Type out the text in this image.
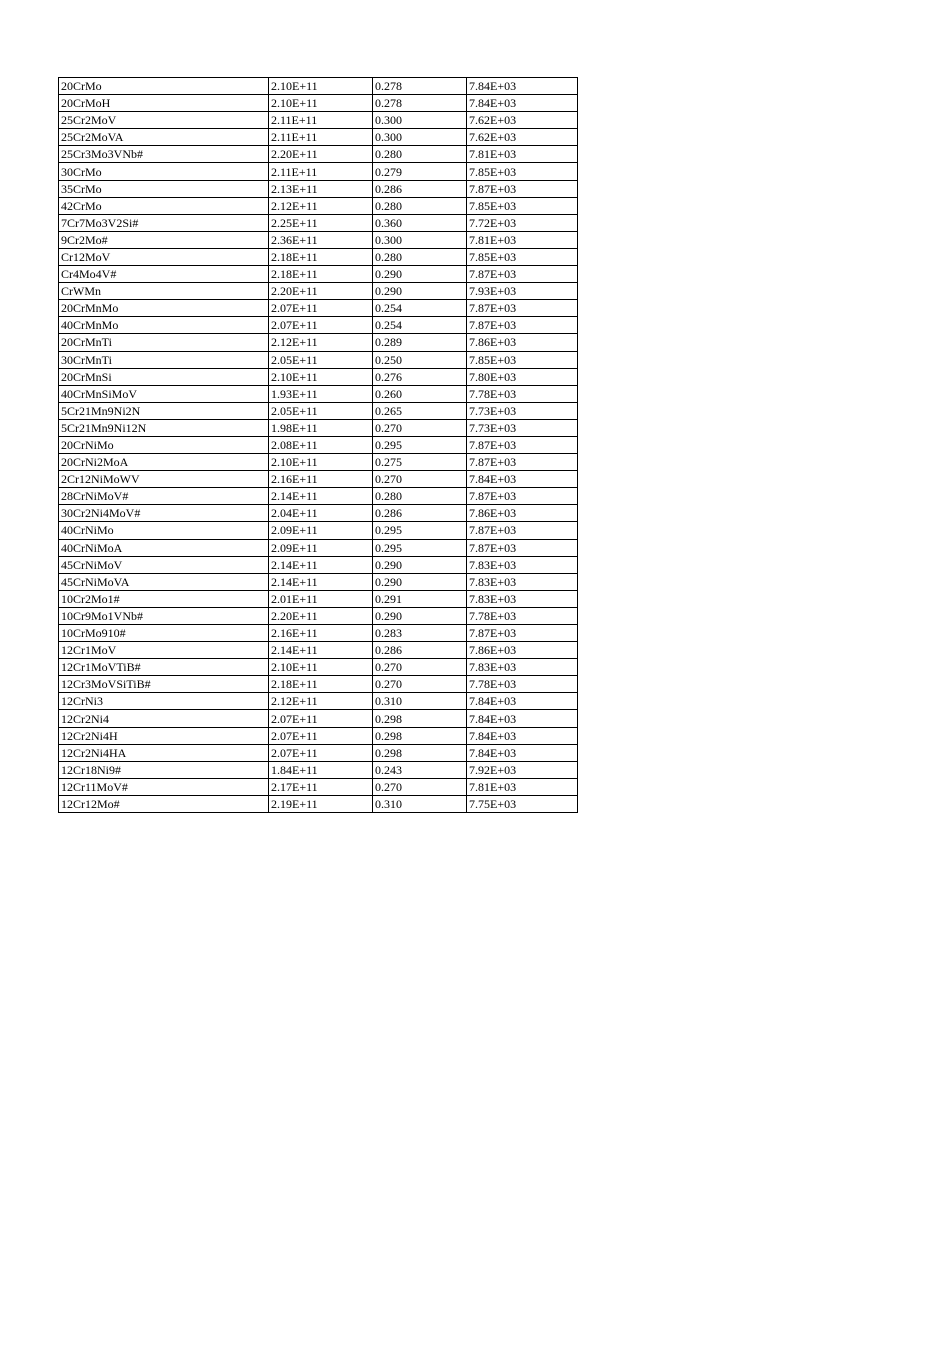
20CrMo	2.10E+11	0.278	7.84E+03
20CrMoH	2.10E+11	0.278	7.84E+03
25Cr2MoV	2.11E+11	0.300	7.62E+03
25Cr2MoVA	2.11E+11	0.300	7.62E+03
25Cr3Mo3VNb#	2.20E+11	0.280	7.81E+03
30CrMo	2.11E+11	0.279	7.85E+03
35CrMo	2.13E+11	0.286	7.87E+03
42CrMo	2.12E+11	0.280	7.85E+03
7Cr7Mo3V2Si#	2.25E+11	0.360	7.72E+03
9Cr2Mo#	2.36E+11	0.300	7.81E+03
Cr12MoV	2.18E+11	0.280	7.85E+03
Cr4Mo4V#	2.18E+11	0.290	7.87E+03
CrWMn	2.20E+11	0.290	7.93E+03
20CrMnMo	2.07E+11	0.254	7.87E+03
40CrMnMo	2.07E+11	0.254	7.87E+03
20CrMnTi	2.12E+11	0.289	7.86E+03
30CrMnTi	2.05E+11	0.250	7.85E+03
20CrMnSi	2.10E+11	0.276	7.80E+03
40CrMnSiMoV	1.93E+11	0.260	7.78E+03
5Cr21Mn9Ni2N	2.05E+11	0.265	7.73E+03
5Cr21Mn9Ni12N	1.98E+11	0.270	7.73E+03
20CrNiMo	2.08E+11	0.295	7.87E+03
20CrNi2MoA	2.10E+11	0.275	7.87E+03
2Cr12NiMoWV	2.16E+11	0.270	7.84E+03
28CrNiMoV#	2.14E+11	0.280	7.87E+03
30Cr2Ni4MoV#	2.04E+11	0.286	7.86E+03
40CrNiMo	2.09E+11	0.295	7.87E+03
40CrNiMoA	2.09E+11	0.295	7.87E+03
45CrNiMoV	2.14E+11	0.290	7.83E+03
45CrNiMoVA	2.14E+11	0.290	7.83E+03
10Cr2Mo1#	2.01E+11	0.291	7.83E+03
10Cr9Mo1VNb#	2.20E+11	0.290	7.78E+03
10CrMo910#	2.16E+11	0.283	7.87E+03
12Cr1MoV	2.14E+11	0.286	7.86E+03
12Cr1MoVTiB#	2.10E+11	0.270	7.83E+03
12Cr3MoVSiTiB#	2.18E+11	0.270	7.78E+03
12CrNi3	2.12E+11	0.310	7.84E+03
12Cr2Ni4	2.07E+11	0.298	7.84E+03
12Cr2Ni4H	2.07E+11	0.298	7.84E+03
12Cr2Ni4HA	2.07E+11	0.298	7.84E+03
12Cr18Ni9#	1.84E+11	0.243	7.92E+03
12Cr11MoV#	2.17E+11	0.270	7.81E+03
12Cr12Mo#	2.19E+11	0.310	7.75E+03
